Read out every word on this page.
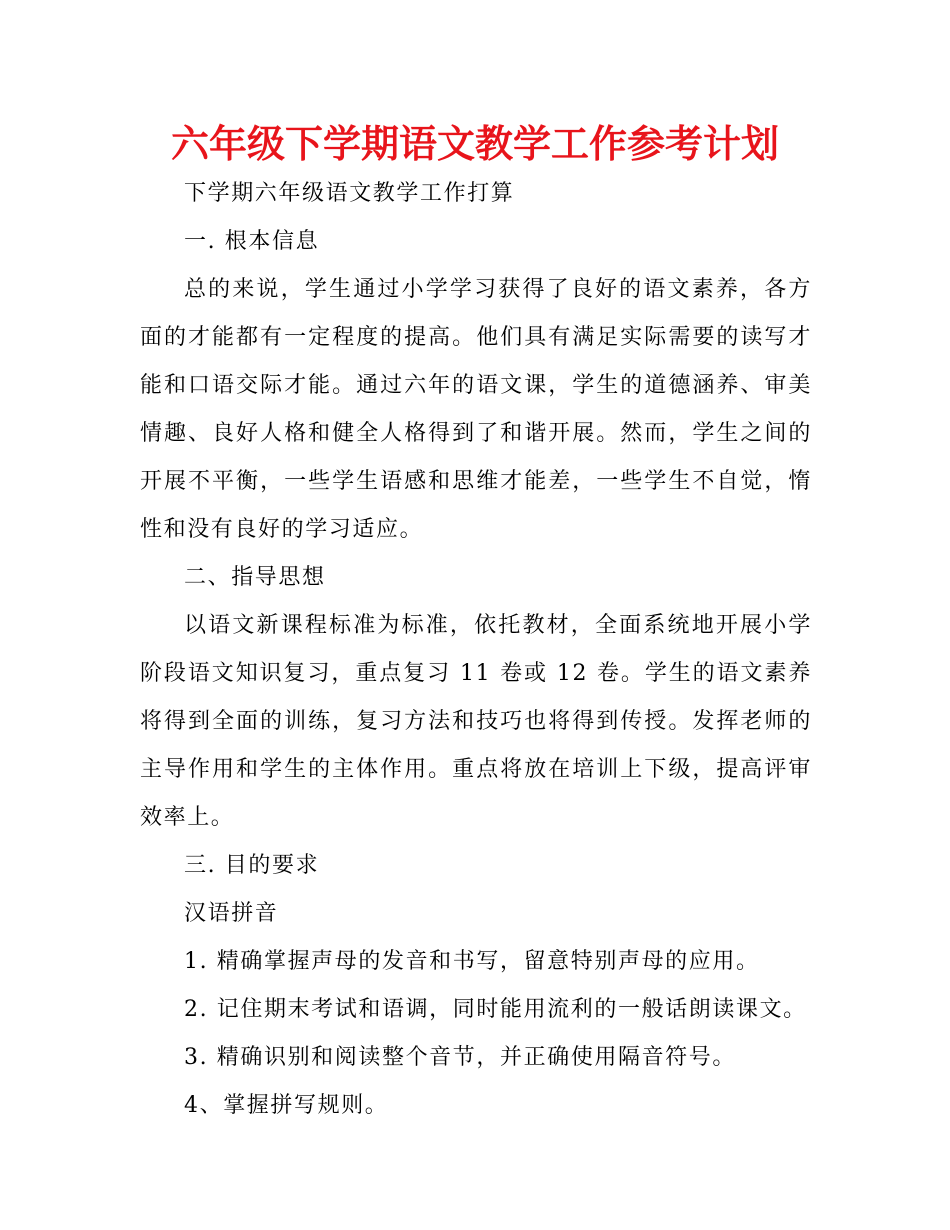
六年级下学期语文教学工作参考计划

下学期六年级语文教学工作打算

一. 根本信息

总的来说，学生通过小学学习获得了良好的语文素养，各方面的才能都有一定程度的提高。他们具有满足实际需要的读写才能和口语交际才能。通过六年的语文课，学生的道德涵养、审美情趣、良好人格和健全人格得到了和谐开展。然而，学生之间的开展不平衡，一些学生语感和思维才能差，一些学生不自觉，惰性和没有良好的学习适应。

二、指导思想

以语文新课程标准为标准，依托教材，全面系统地开展小学阶段语文知识复习，重点复习 11 卷或 12 卷。学生的语文素养将得到全面的训练，复习方法和技巧也将得到传授。发挥老师的主导作用和学生的主体作用。重点将放在培训上下级，提高评审效率上。

三. 目的要求

汉语拼音

1. 精确掌握声母的发音和书写，留意特别声母的应用。

2. 记住期末考试和语调，同时能用流利的一般话朗读课文。

3. 精确识别和阅读整个音节，并正确使用隔音符号。

4、掌握拼写规则。
